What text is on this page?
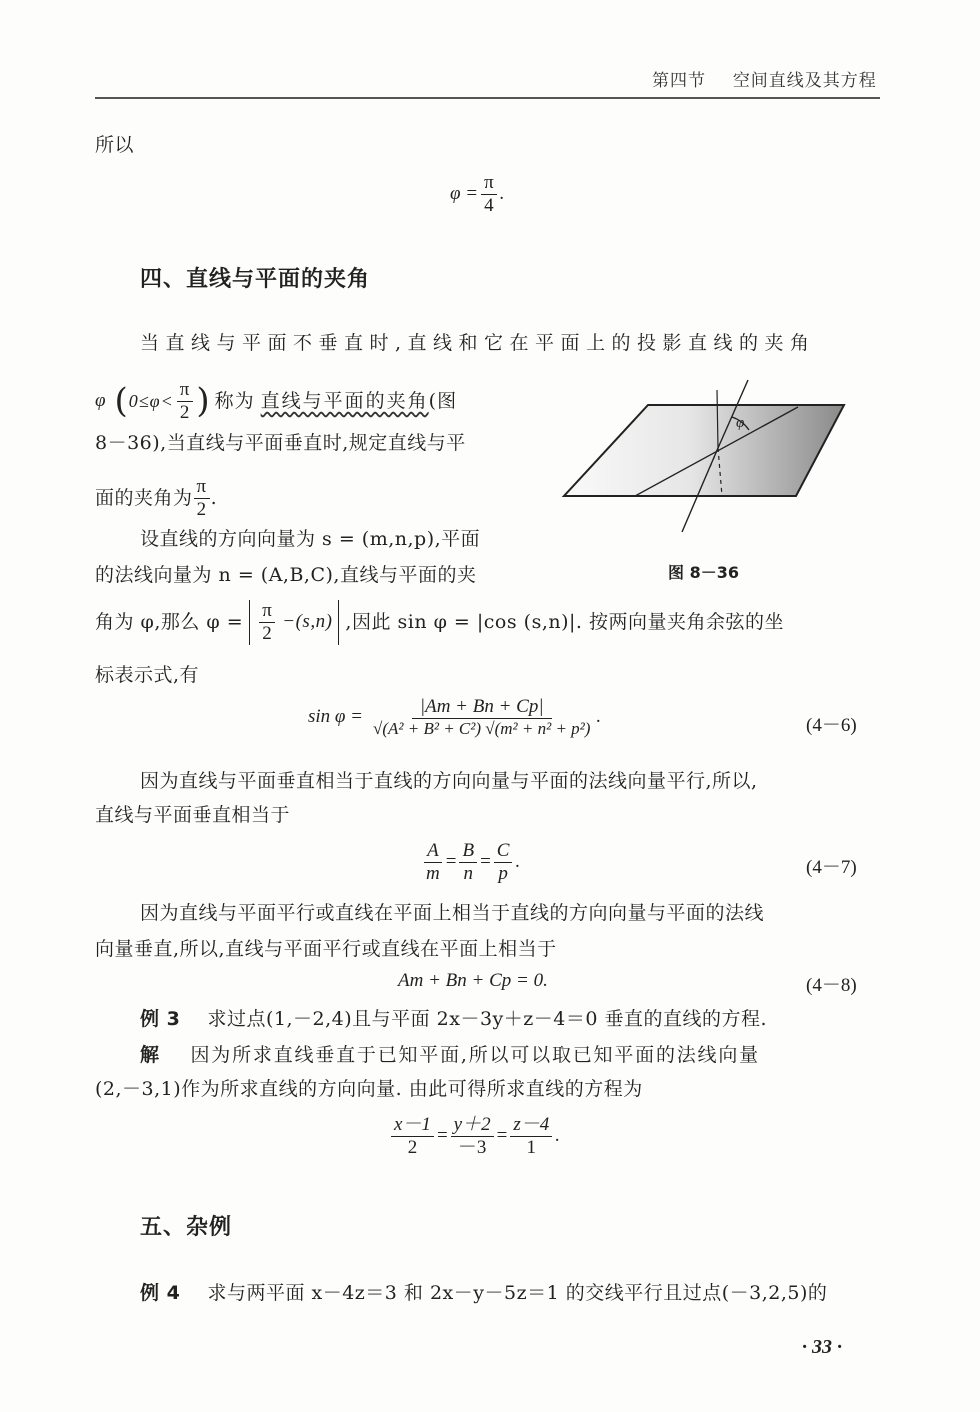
第四节 空间直线及其方程
所以
$\varphi = \frac{\pi}{4}$ .
四、直线与平面的夹角
当直线与平面不垂直时,直线和它在平面上的投影直线的夹角
φ ( $0\le\varphi< \frac{\pi}{2}$ ) 称为 直线与平面的夹角 (图
8－36),当直线与平面垂直时,规定直线与平
面的夹角为 $\frac{\pi}{2}$ .
设直线的方向向量为 s = (m,n,p),平面
的法线向量为 n = (A,B,C),直线与平面的夹
角为 φ,那么 $\varphi = \frac{\pi}{2} -(s,n)$ ,因此 sin φ = |cos (s,n)|. 按两向量夹角余弦的坐
标表示式,有
φ
图 8－36
$\sin \varphi = \frac{|Am + Bn + Cp|}{\text{√(A² + B² + C²) √(m² + n² + p²)}}$ .	(4－6)
因为直线与平面垂直相当于直线的方向向量与平面的法线向量平行,所以,
直线与平面垂直相当于
$\frac{A}{m} = \frac{B}{n} = \frac{C}{p}$ .	(4－7)
因为直线与平面平行或直线在平面上相当于直线的方向向量与平面的法线
向量垂直,所以,直线与平面平行或直线在平面上相当于
Am + Bn + Cp = 0.	(4－8)
例 3 求过点(1,－2,4)且与平面 2x－3y＋z－4＝0 垂直的直线的方程.
解 因为所求直线垂直于已知平面,所以可以取已知平面的法线向量
(2,－3,1)作为所求直线的方向向量. 由此可得所求直线的方程为
$\frac{x-1}{2} = \frac{y+2}{-3} = \frac{z-4}{1}$ .
五、杂例
例 4 求与两平面 x－4z＝3 和 2x－y－5z＝1 的交线平行且过点(－3,2,5)的
· 33 ·
